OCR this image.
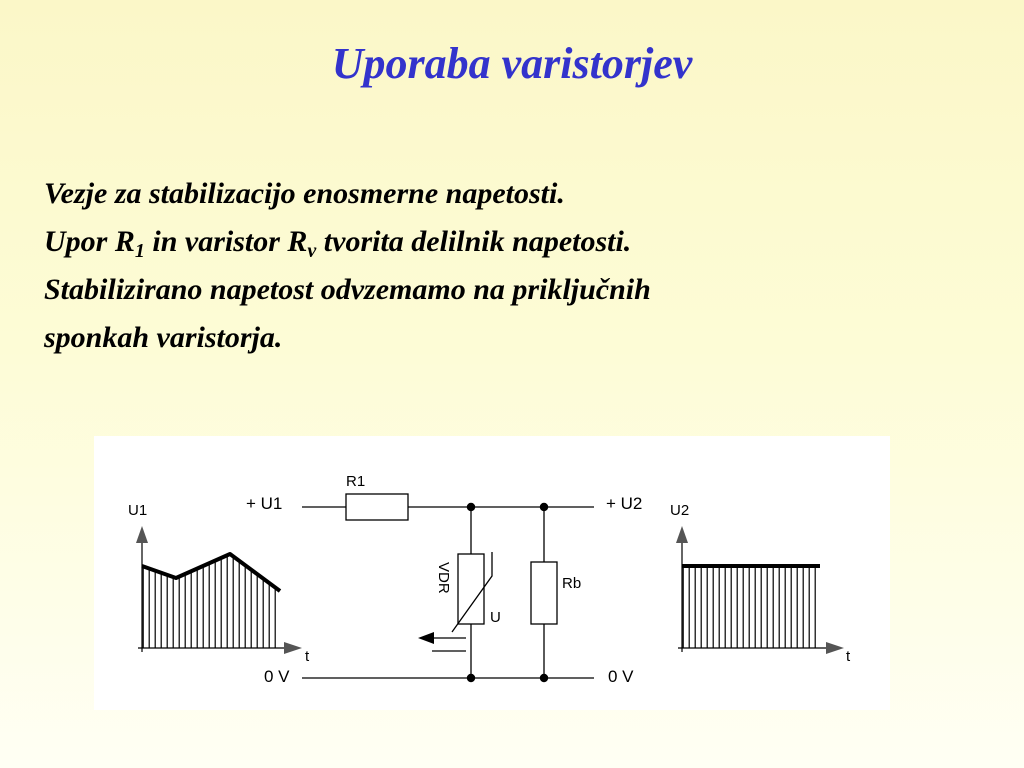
Uporaba varistorjev
Vezje za stabilizacijo enosmerne napetosti.
Upor $R_1$ in varistor $R_v$ tvorita delilnik napetosti.
Stabilizirano napetost odvzemamo na priključnih
sponkah varistorja.
U1
t
U2
t
+ U1
0 V
+ U2
0 V
R1
VDR
U
Rb
